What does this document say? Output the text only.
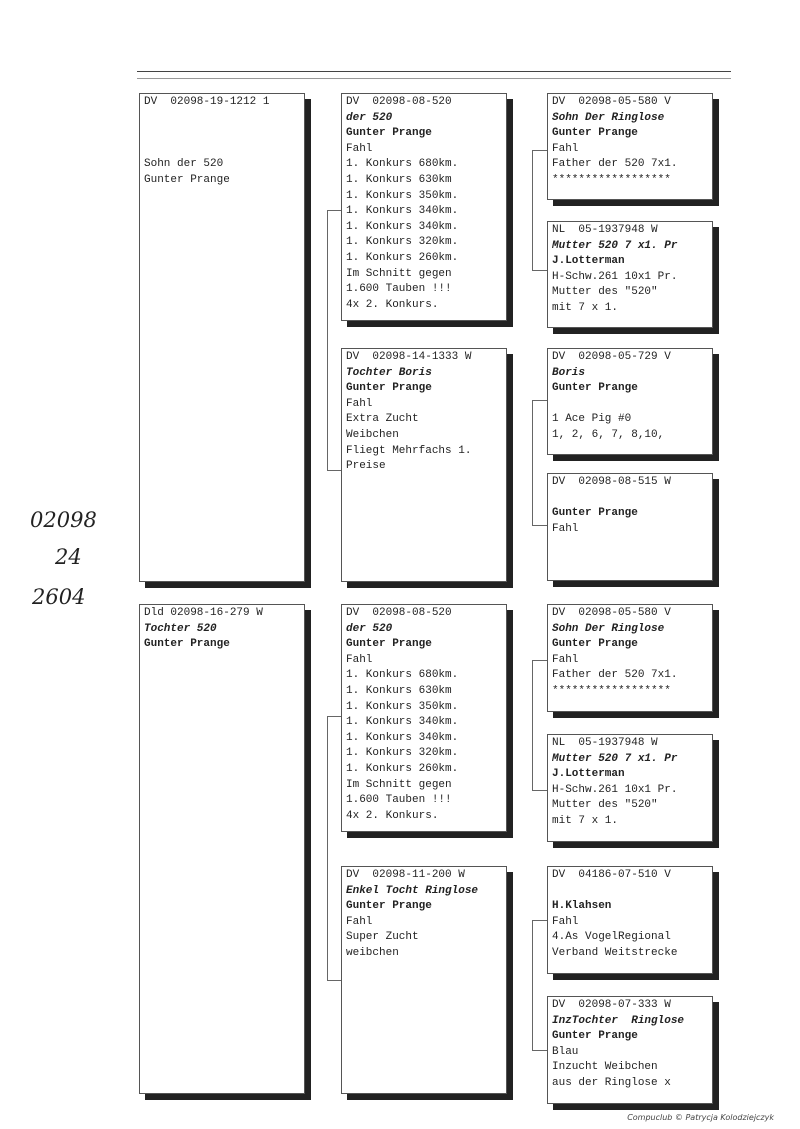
DV  02098-19-1212 1
Sohn der 520
Gunter Prange
Dld 02098-16-279 W
Tochter 520
Gunter Prange
DV  02098-08-520
der 520
Gunter Prange
Fahl
1. Konkurs 680km.
1. Konkurs 630km
1. Konkurs 350km.
1. Konkurs 340km.
1. Konkurs 340km.
1. Konkurs 320km.
1. Konkurs 260km.
Im Schnitt gegen
1.600 Tauben !!!
4x 2. Konkurs.
DV  02098-14-1333 W
Tochter Boris
Gunter Prange
Fahl
Extra Zucht
Weibchen
Fliegt Mehrfachs 1.
Preise
DV  02098-08-520
der 520
Gunter Prange
Fahl
1. Konkurs 680km.
1. Konkurs 630km
1. Konkurs 350km.
1. Konkurs 340km.
1. Konkurs 340km.
1. Konkurs 320km.
1. Konkurs 260km.
Im Schnitt gegen
1.600 Tauben !!!
4x 2. Konkurs.
DV  02098-11-200 W
Enkel Tocht Ringlose
Gunter Prange
Fahl
Super Zucht
weibchen
DV  02098-05-580 V
Sohn Der Ringlose
Gunter Prange
Fahl
Father der 520 7x1.
******************
NL  05-1937948 W
Mutter 520 7 x1. Pr
J.Lotterman
H-Schw.261 10x1 Pr.
Mutter des "520"
mit 7 x 1.
DV  02098-05-729 V
Boris
Gunter Prange
1 Ace Pig #0
1, 2, 6, 7, 8,10,
DV  02098-08-515 W
Gunter Prange
Fahl
DV  02098-05-580 V
Sohn Der Ringlose
Gunter Prange
Fahl
Father der 520 7x1.
******************
NL  05-1937948 W
Mutter 520 7 x1. Pr
J.Lotterman
H-Schw.261 10x1 Pr.
Mutter des "520"
mit 7 x 1.
DV  04186-07-510 V
H.Klahsen
Fahl
4.As VogelRegional
Verband Weitstrecke
DV  02098-07-333 W
InzTochter  Ringlose
Gunter Prange
Blau
Inzucht Weibchen
aus der Ringlose x
02098
24
2604
Compuclub © Patrycja Kolodziejczyk
